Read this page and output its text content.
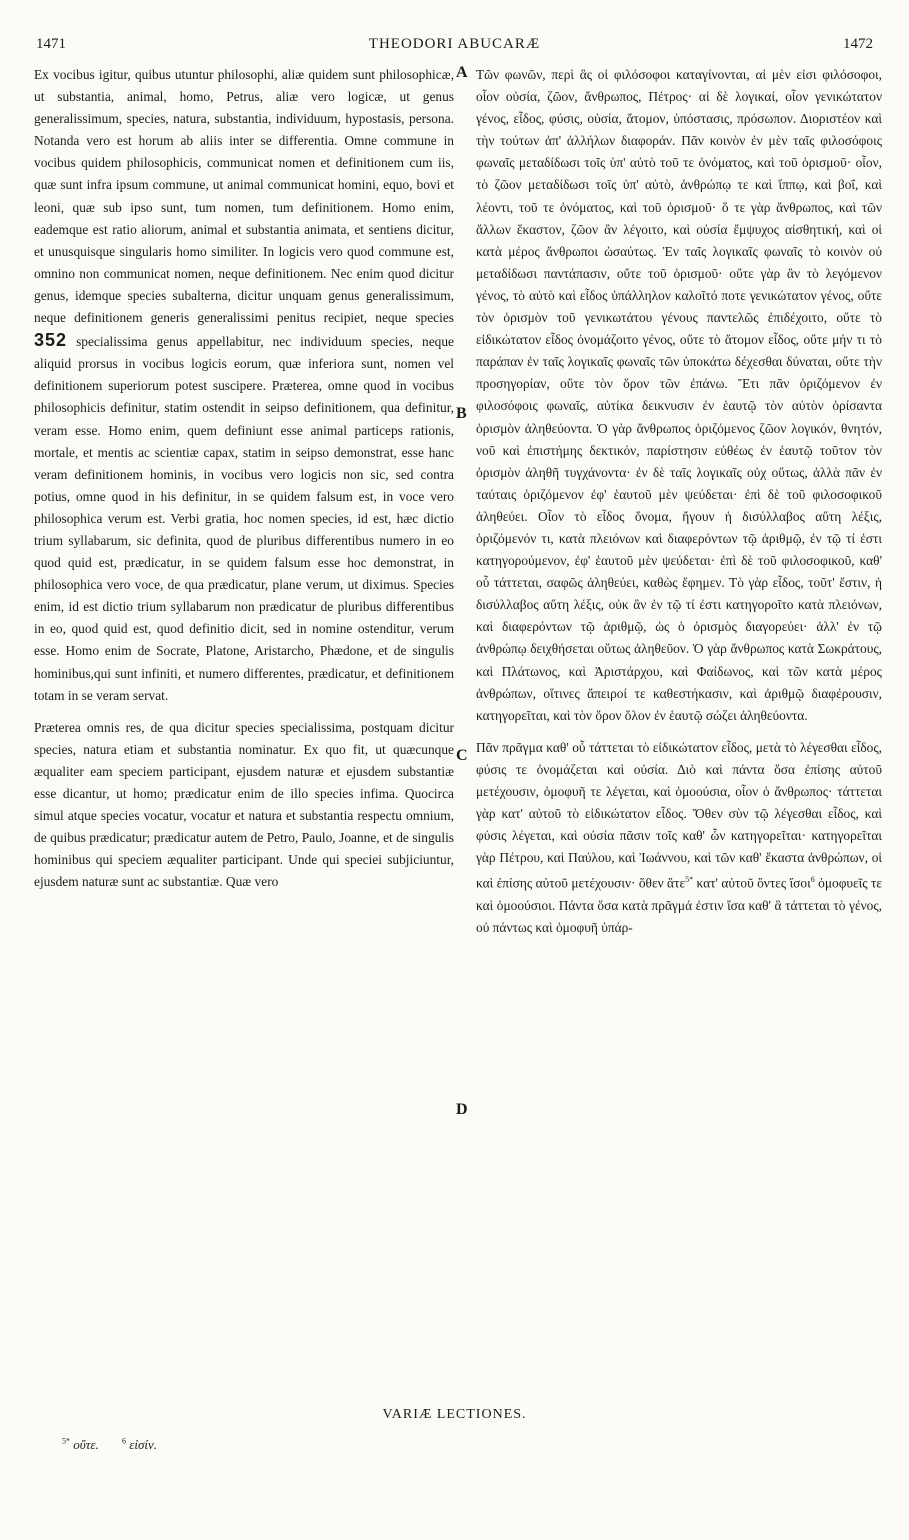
1471	THEODORI ABUCARÆ	1472
A
B
C
D

Ex vocibus igitur, quibus utuntur philosophi, aliæ quidem sunt philosophicæ, ut substantia, animal, homo, Petrus, aliæ vero logicæ, ut genus generalissimum, species, natura, substantia, individuum, hypostasis, persona. Notanda vero est horum ab aliis inter se differentia. Omne commune in vocibus quidem philosophicis, communicat nomen et definitionem cum iis, quæ sunt infra ipsum commune, ut animal communicat homini, equo, bovi et leoni, quæ sub ipso sunt, tum nomen, tum definitionem. Homo enim, eademque est ratio aliorum, animal et substantia animata, et sentiens dicitur, et unusquisque singularis homo similiter. In logicis vero quod commune est, omnino non communicat nomen, neque definitionem. Nec enim quod dicitur genus, idemque species subalterna, dicitur unquam genus generalissimum, neque definitionem generis generalissimi penitus recipiet, neque species 352 specialissima genus appellabitur, nec individuum species, neque aliquid prorsus in vocibus logicis eorum, quæ inferiora sunt, nomen vel definitionem superiorum potest suscipere. Præterea, omne quod in vocibus philosophicis definitur, statim ostendit in seipso definitionem, qua definitur, veram esse. Homo enim, quem definiunt esse animal particeps rationis, mortale, et mentis ac scientiæ capax, statim in seipso demonstrat, esse hanc veram definitionem hominis, in vocibus vero logicis non sic, sed contra potius, omne quod in his definitur, in se quidem falsum est, in voce vero philosophica verum est. Verbi gratia, hoc nomen species, id est, hæc dictio trium syllabarum, sic definita, quod de pluribus differentibus numero in eo quod quid est, prædicatur, in se quidem falsum esse hoc demonstrat, in philosophica vero voce, de qua prædicatur, plane verum, ut diximus. Species enim, id est dictio trium syllabarum non prædicatur de pluribus differentibus in eo, quod quid est, quod definitio dicit, sed in nomine ostenditur, verum esse. Homo enim de Socrate, Platone, Aristarcho, Phædone, et de singulis hominibus,qui sunt infiniti, et numero differentes, prædicatur, et definitionem totam in se veram servat.

Præterea omnis res, de qua dicitur species specialissima, postquam dicitur species, natura etiam et substantia nominatur. Ex quo fit, ut quæcunque æqualiter eam speciem participant, ejusdem naturæ et ejusdem substantiæ esse dicantur, ut homo; prædicatur enim de illo species infima. Quocirca simul atque species vocatur, vocatur et natura et substantia respectu omnium, de quibus prædicatur; prædicatur autem de Petro, Paulo, Joanne, et de singulis hominibus qui speciem æqualiter participant. Unde qui speciei subjiciuntur, ejusdem naturæ sunt ac substantiæ. Quæ vero

Τῶν φωνῶν, περὶ ἃς οἱ φιλόσοφοι καταγίνονται, αἱ μὲν εἰσι φιλόσοφοι, οἷον οὐσία, ζῶον, ἄνθρωπος, Πέτρος· αἱ δὲ λογικαί, οἷον γενικώτατον γένος, εἶδος, φύσις, οὐσία, ἄτομον, ὑπόστασις, πρόσωπον. Διοριστέον καὶ τὴν τούτων ἀπ' ἀλλήλων διαφοράν. Πᾶν κοινὸν ἐν μὲν ταῖς φιλοσόφοις φωναῖς μεταδίδωσι τοῖς ὑπ' αὐτὸ τοῦ τε ὀνόματος, καὶ τοῦ ὁρισμοῦ· οἷον, τὸ ζῶον μεταδίδωσι τοῖς ὑπ' αὐτὸ, ἀνθρώπῳ τε καὶ ἵππῳ, καὶ βοΐ, καὶ λέοντι, τοῦ τε ὀνόματος, καὶ τοῦ ὁρισμοῦ· ὅ τε γὰρ ἄνθρωπος, καὶ τῶν ἄλλων ἕκαστον, ζῶον ἂν λέγοιτο, καὶ οὐσία ἔμψυχος αἰσθητική, καὶ οἱ κατὰ μέρος ἄνθρωποι ὡσαύτως. Ἐν ταῖς λογικαῖς φωναῖς τὸ κοινὸν οὐ μεταδίδωσι παντάπασιν, οὔτε τοῦ ὁρισμοῦ· οὔτε γὰρ ἂν τὸ λεγόμενον γένος, τὸ αὐτὸ καὶ εἶδος ὑπάλληλον καλοῖτό ποτε γενικώτατον γένος, οὔτε τὸν ὁρισμὸν τοῦ γενικωτάτου γένους παντελῶς ἐπιδέχοιτο, οὔτε τὸ εἰδικώτατον εἶδος ὀνομάζοιτο γένος, οὔτε τὸ ἄτομον εἶδος, οὔτε μήν τι τὸ παράπαν ἐν ταῖς λογικαῖς φωναῖς τῶν ὑποκάτω δέχεσθαι δύναται, οὔτε τὴν προσηγορίαν, οὔτε τὸν ὅρον τῶν ἐπάνω. Ἔτι πᾶν ὁριζόμενον ἐν φιλοσόφοις φωναῖς, αὐτίκα δεικνυσιν ἐν ἑαυτῷ τὸν αὐτὸν ὁρίσαντα ὁρισμὸν ἀληθεύοντα. Ὁ γὰρ ἄνθρωπος ὁριζόμενος ζῶον λογικόν, θνητόν, νοῦ καὶ ἐπιστήμης δεκτικόν, παρίστησιν εὐθέως ἐν ἑαυτῷ τοῦτον τὸν ὁρισμὸν ἀληθῆ τυγχάνοντα· ἐν δὲ ταῖς λογικαῖς οὐχ οὕτως, ἀλλὰ πᾶν ἐν ταύταις ὁριζόμενον ἐφ' ἑαυτοῦ μὲν ψεύδεται· ἐπὶ δὲ τοῦ φιλοσοφικοῦ ἀληθεύει. Οἷον τὸ εἶδος ὄνομα, ἤγουν ἡ δισύλλαβος αὕτη λέξις, ὁριζόμενόν τι, κατὰ πλειόνων καὶ διαφερόντων τῷ ἀριθμῷ, ἐν τῷ τί ἐστι κατηγορούμενον, ἐφ' ἑαυτοῦ μὲν ψεύδεται· ἐπὶ δὲ τοῦ φιλοσοφικοῦ, καθ' οὗ τάττεται, σαφῶς ἀληθεύει, καθὼς ἔφημεν. Τὸ γὰρ εἶδος, τοῦτ' ἔστιν, ἡ δισύλλαβος αὕτη λέξις, οὐκ ἂν ἐν τῷ τί ἐστι κατηγοροῖτο κατὰ πλειόνων, καὶ διαφερόντων τῷ ἀριθμῷ, ὡς ὁ ὁρισμὸς διαγορεύει· ἀλλ' ἐν τῷ ἀνθρώπῳ δειχθήσεται οὕτως ἀληθεῦον. Ὁ γὰρ ἄνθρωπος κατὰ Σωκράτους, καὶ Πλάτωνος, καὶ Ἀριστάρχου, καὶ Φαίδωνος, καὶ τῶν κατὰ μέρος ἀνθρώπων, οἵτινες ἄπειροί τε καθεστήκασιν, καὶ ἀριθμῷ διαφέρουσιν, κατηγορεῖται, καὶ τὸν ὅρον ὅλον ἐν ἑαυτῷ σώζει ἀληθεύοντα.

Πᾶν πρᾶγμα καθ' οὗ τάττεται τὸ εἰδικώτατον εἶδος, μετὰ τὸ λέγεσθαι εἶδος, φύσις τε ὀνομάζεται καὶ οὐσία. Διὸ καὶ πάντα ὅσα ἐπίσης αὐτοῦ μετέχουσιν, ὁμοφυῆ τε λέγεται, καὶ ὁμοούσια, οἷον ὁ ἄνθρωπος· τάττεται γὰρ κατ' αὐτοῦ τὸ εἰδικώτατον εἶδος. Ὅθεν σὺν τῷ λέγεσθαι εἶδος, καὶ φύσις λέγεται, καὶ οὐσία πᾶσιν τοῖς καθ' ὧν κατηγορεῖται· κατηγορεῖται γὰρ Πέτρου, καὶ Παύλου, καὶ Ἰωάννου, καὶ τῶν καθ' ἕκαστα ἀνθρώπων, οἱ καὶ ἐπίσης αὐτοῦ μετέχουσιν· ὅθεν ἅτε$^{5*}$ κατ' αὐτοῦ ὄντες ἴσοι$^6$ ὁμοφυεῖς τε καὶ ὁμοούσιοι. Πάντα ὅσα κατὰ πρᾶγμά ἐστιν ἴσα καθ' ἃ τάττεται τὸ γένος, οὐ πάντως καὶ ὁμοφυῆ ὑπάρ-

VARIÆ LECTIONES.
$^{5*}$ οὔτε.	$^6$ εἰσίν.
